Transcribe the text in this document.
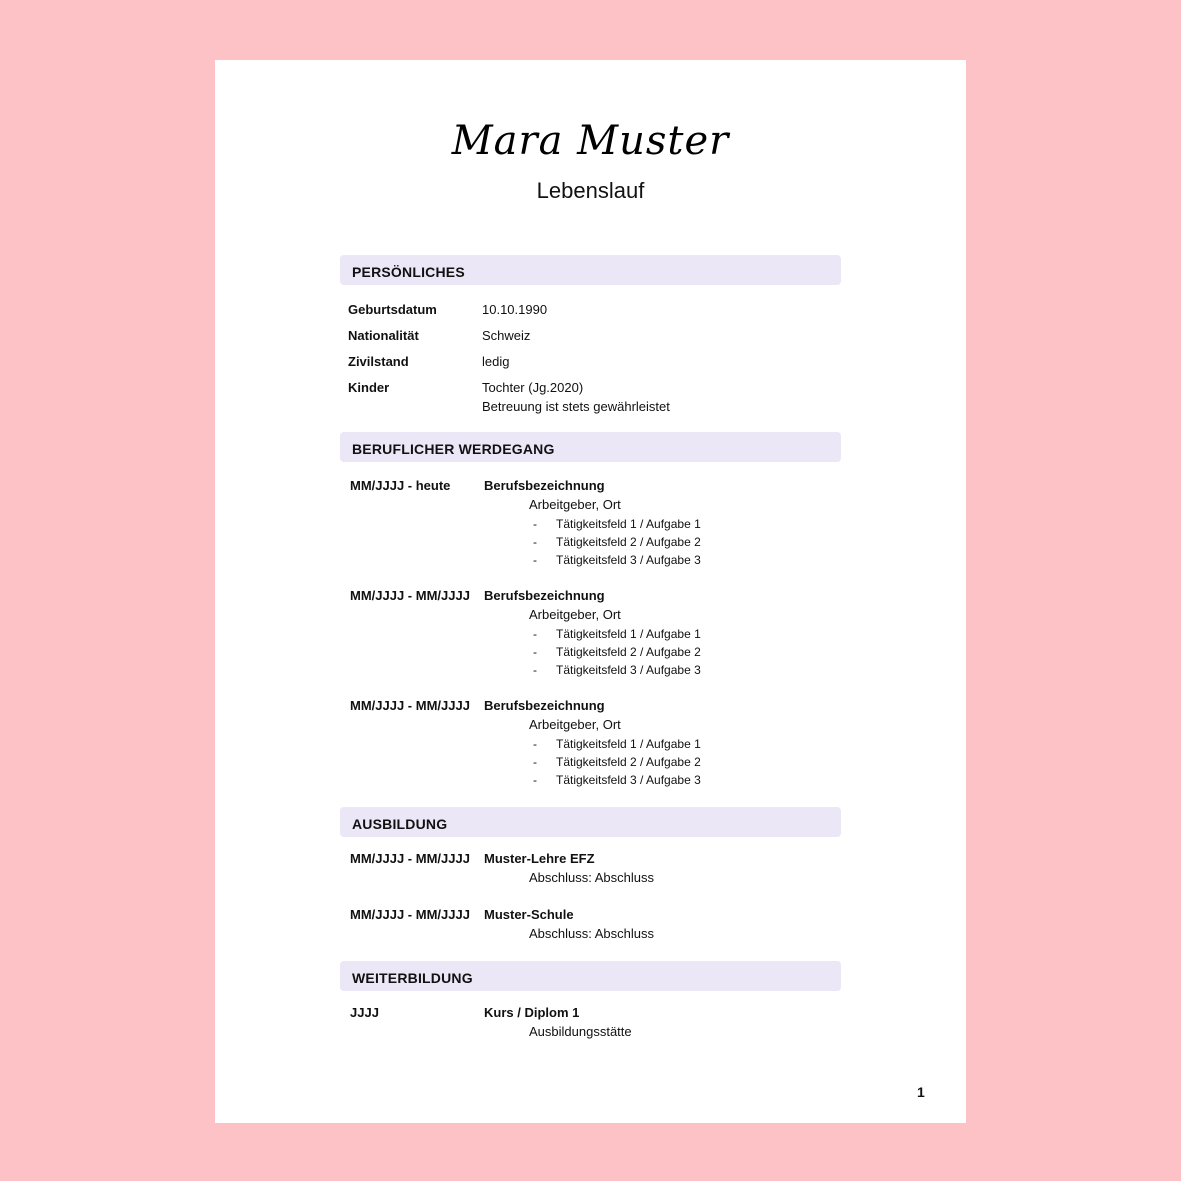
Mara Muster
Lebenslauf
PERSÖNLICHES
Geburtsdatum	10.10.1990
Nationalität	Schweiz
Zivilstand	ledig
Kinder	Tochter (Jg.2020)
Betreuung ist stets gewährleistet
BERUFLICHER WERDEGANG
MM/JJJJ - heute	Berufsbezeichnung
Arbeitgeber, Ort
- Tätigkeitsfeld 1 / Aufgabe 1
- Tätigkeitsfeld 2 / Aufgabe 2
- Tätigkeitsfeld 3 / Aufgabe 3
MM/JJJJ - MM/JJJJ Berufsbezeichnung
Arbeitgeber, Ort
- Tätigkeitsfeld 1 / Aufgabe 1
- Tätigkeitsfeld 2 / Aufgabe 2
- Tätigkeitsfeld 3 / Aufgabe 3
MM/JJJJ - MM/JJJJ Berufsbezeichnung
Arbeitgeber, Ort
- Tätigkeitsfeld 1 / Aufgabe 1
- Tätigkeitsfeld 2 / Aufgabe 2
- Tätigkeitsfeld 3 / Aufgabe 3
AUSBILDUNG
MM/JJJJ - MM/JJJJ Muster-Lehre EFZ
Abschluss: Abschluss
MM/JJJJ - MM/JJJJ Muster-Schule
Abschluss: Abschluss
WEITERBILDUNG
JJJJ	Kurs / Diplom 1
Ausbildungsstätte
1
